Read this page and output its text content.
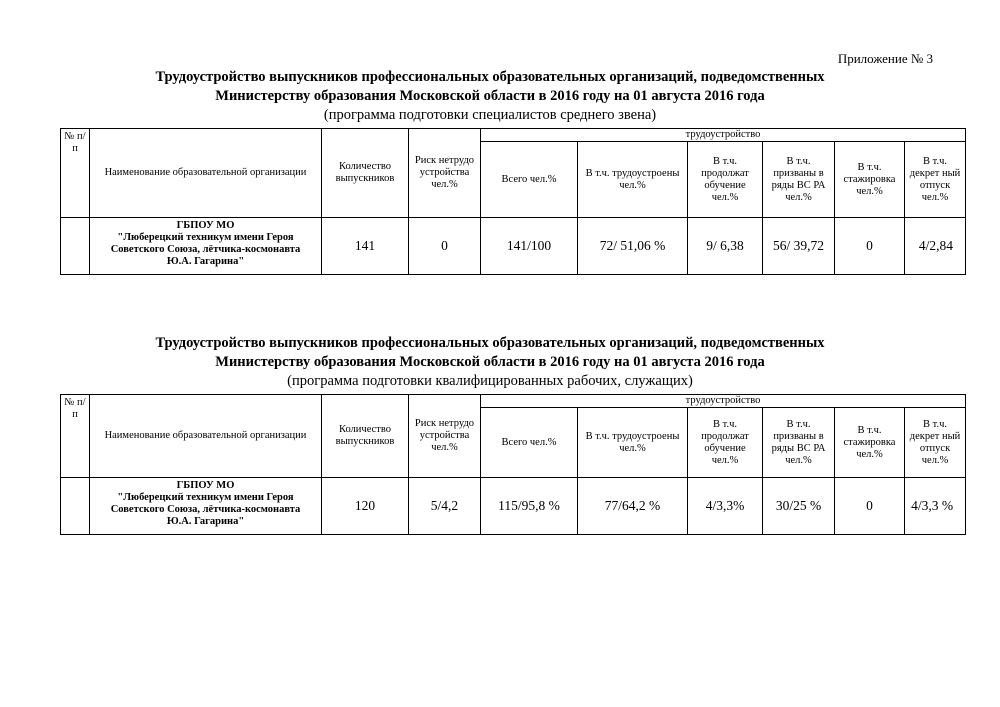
Приложение № 3
Трудоустройство выпускников профессиональных образовательных организаций, подведомственных
Министерству образования Московской области в 2016 году на 01 августа 2016 года
(программа подготовки специалистов среднего звена)
№ п/ п	Наименование образовательной организации	Количество выпускников	Риск нетрудо устройства чел.%	трудоустройство					
				Всего чел.%	В т.ч. трудоустроены чел.%	В т.ч. продолжат обучение чел.%	В т.ч. призваны в ряды ВС РА чел.%	В т.ч. стажировка чел.%	В т.ч. декрет ный отпуск чел.%

	ГБПОУ МО
"Люберецкий техникум имени Героя
Советского Союза, лётчика-космонавта
Ю.А. Гагарина"	141	0	141/100	72/ 51,06 %	9/ 6,38	56/ 39,72	0	4/2,84
Трудоустройство выпускников профессиональных образовательных организаций, подведомственных
Министерству образования Московской области в 2016 году на 01 августа 2016 года
(программа подготовки квалифицированных рабочих, служащих)
№ п/ п	Наименование образовательной организации	Количество выпускников	Риск нетрудо устройства чел.%	трудоустройство					
				Всего чел.%	В т.ч. трудоустроены чел.%	В т.ч. продолжат обучение чел.%	В т.ч. призваны в ряды ВС РА чел.%	В т.ч. стажировка чел.%	В т.ч. декрет ный отпуск чел.%

	ГБПОУ МО
"Люберецкий техникум имени Героя
Советского Союза, лётчика-космонавта
Ю.А. Гагарина"	120	5/4,2	115/95,8 %	77/64,2 %	4/3,3%	30/25 %	0	4/3,3 %
